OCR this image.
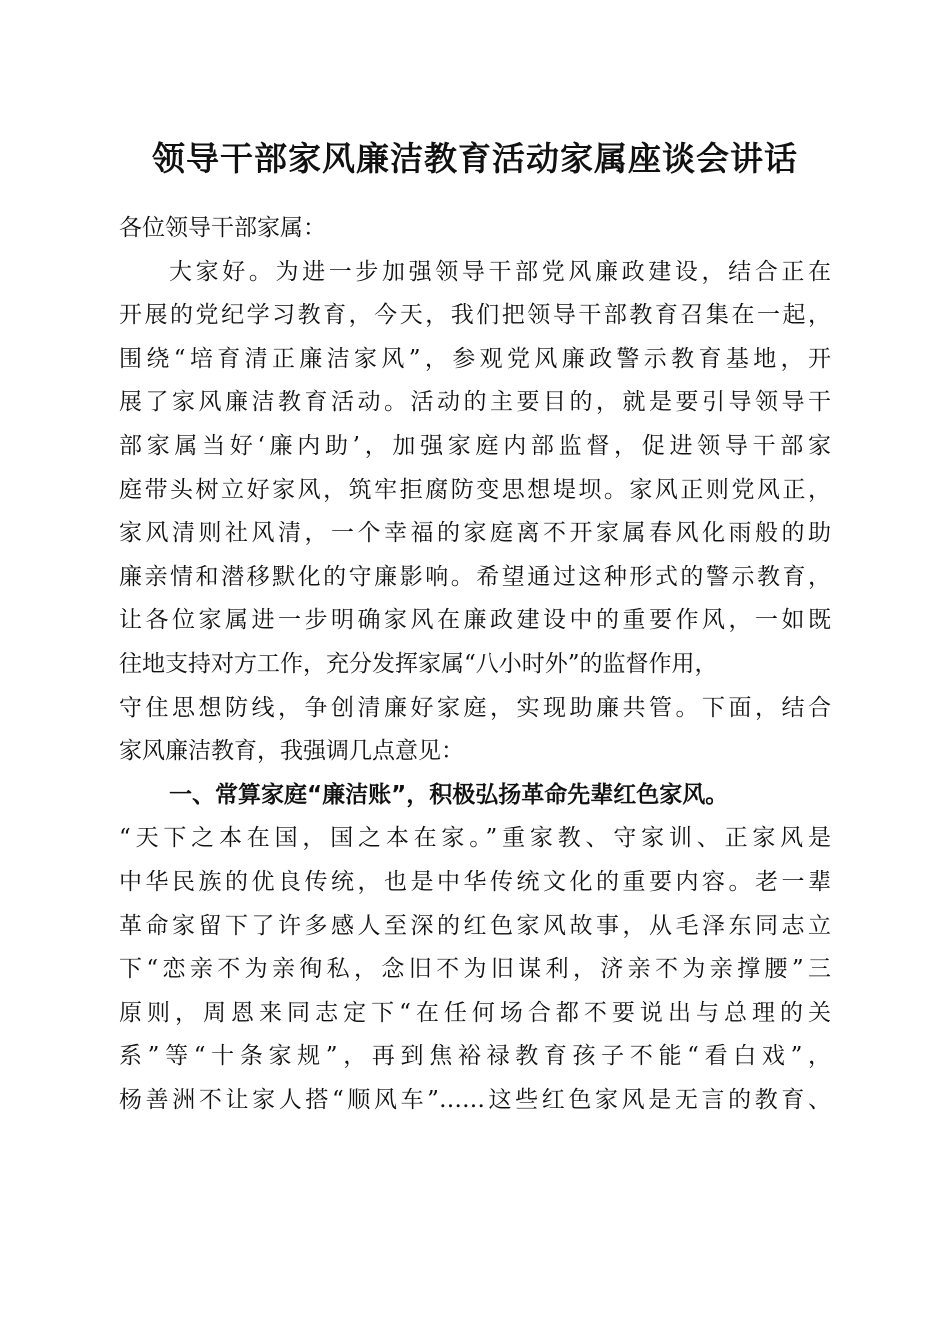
领导干部家风廉洁教育活动家属座谈会讲话
各位领导干部家属：
大家好。为进一步加强领导干部党风廉政建设，结合正在
开展的党纪学习教育，今天，我们把领导干部教育召集在一起，
围绕“培育清正廉洁家风”，参观党风廉政警示教育基地，开
展了家风廉洁教育活动。活动的主要目的，就是要引导领导干
部家属当好‘廉内助’，加强家庭内部监督，促进领导干部家
庭带头树立好家风，筑牢拒腐防变思想堤坝。家风正则党风正，
家风清则社风清，一个幸福的家庭离不开家属春风化雨般的助
廉亲情和潜移默化的守廉影响。希望通过这种形式的警示教育，
让各位家属进一步明确家风在廉政建设中的重要作风，一如既
往地支持对方工作，充分发挥家属“八小时外”的监督作用，
守住思想防线，争创清廉好家庭，实现助廉共管。下面，结合
家风廉洁教育，我强调几点意见：
一、常算家庭“廉洁账”，积极弘扬革命先辈红色家风。
“天下之本在国，国之本在家。”重家教、守家训、正家风是
中华民族的优良传统，也是中华传统文化的重要内容。老一辈
革命家留下了许多感人至深的红色家风故事，从毛泽东同志立
下“恋亲不为亲徇私，念旧不为旧谋利，济亲不为亲撑腰”三
原则，周恩来同志定下“在任何场合都不要说出与总理的关
系”等“十条家规”，再到焦裕禄教育孩子不能“看白戏”，
杨善洲不让家人搭“顺风车”……这些红色家风是无言的教育、
